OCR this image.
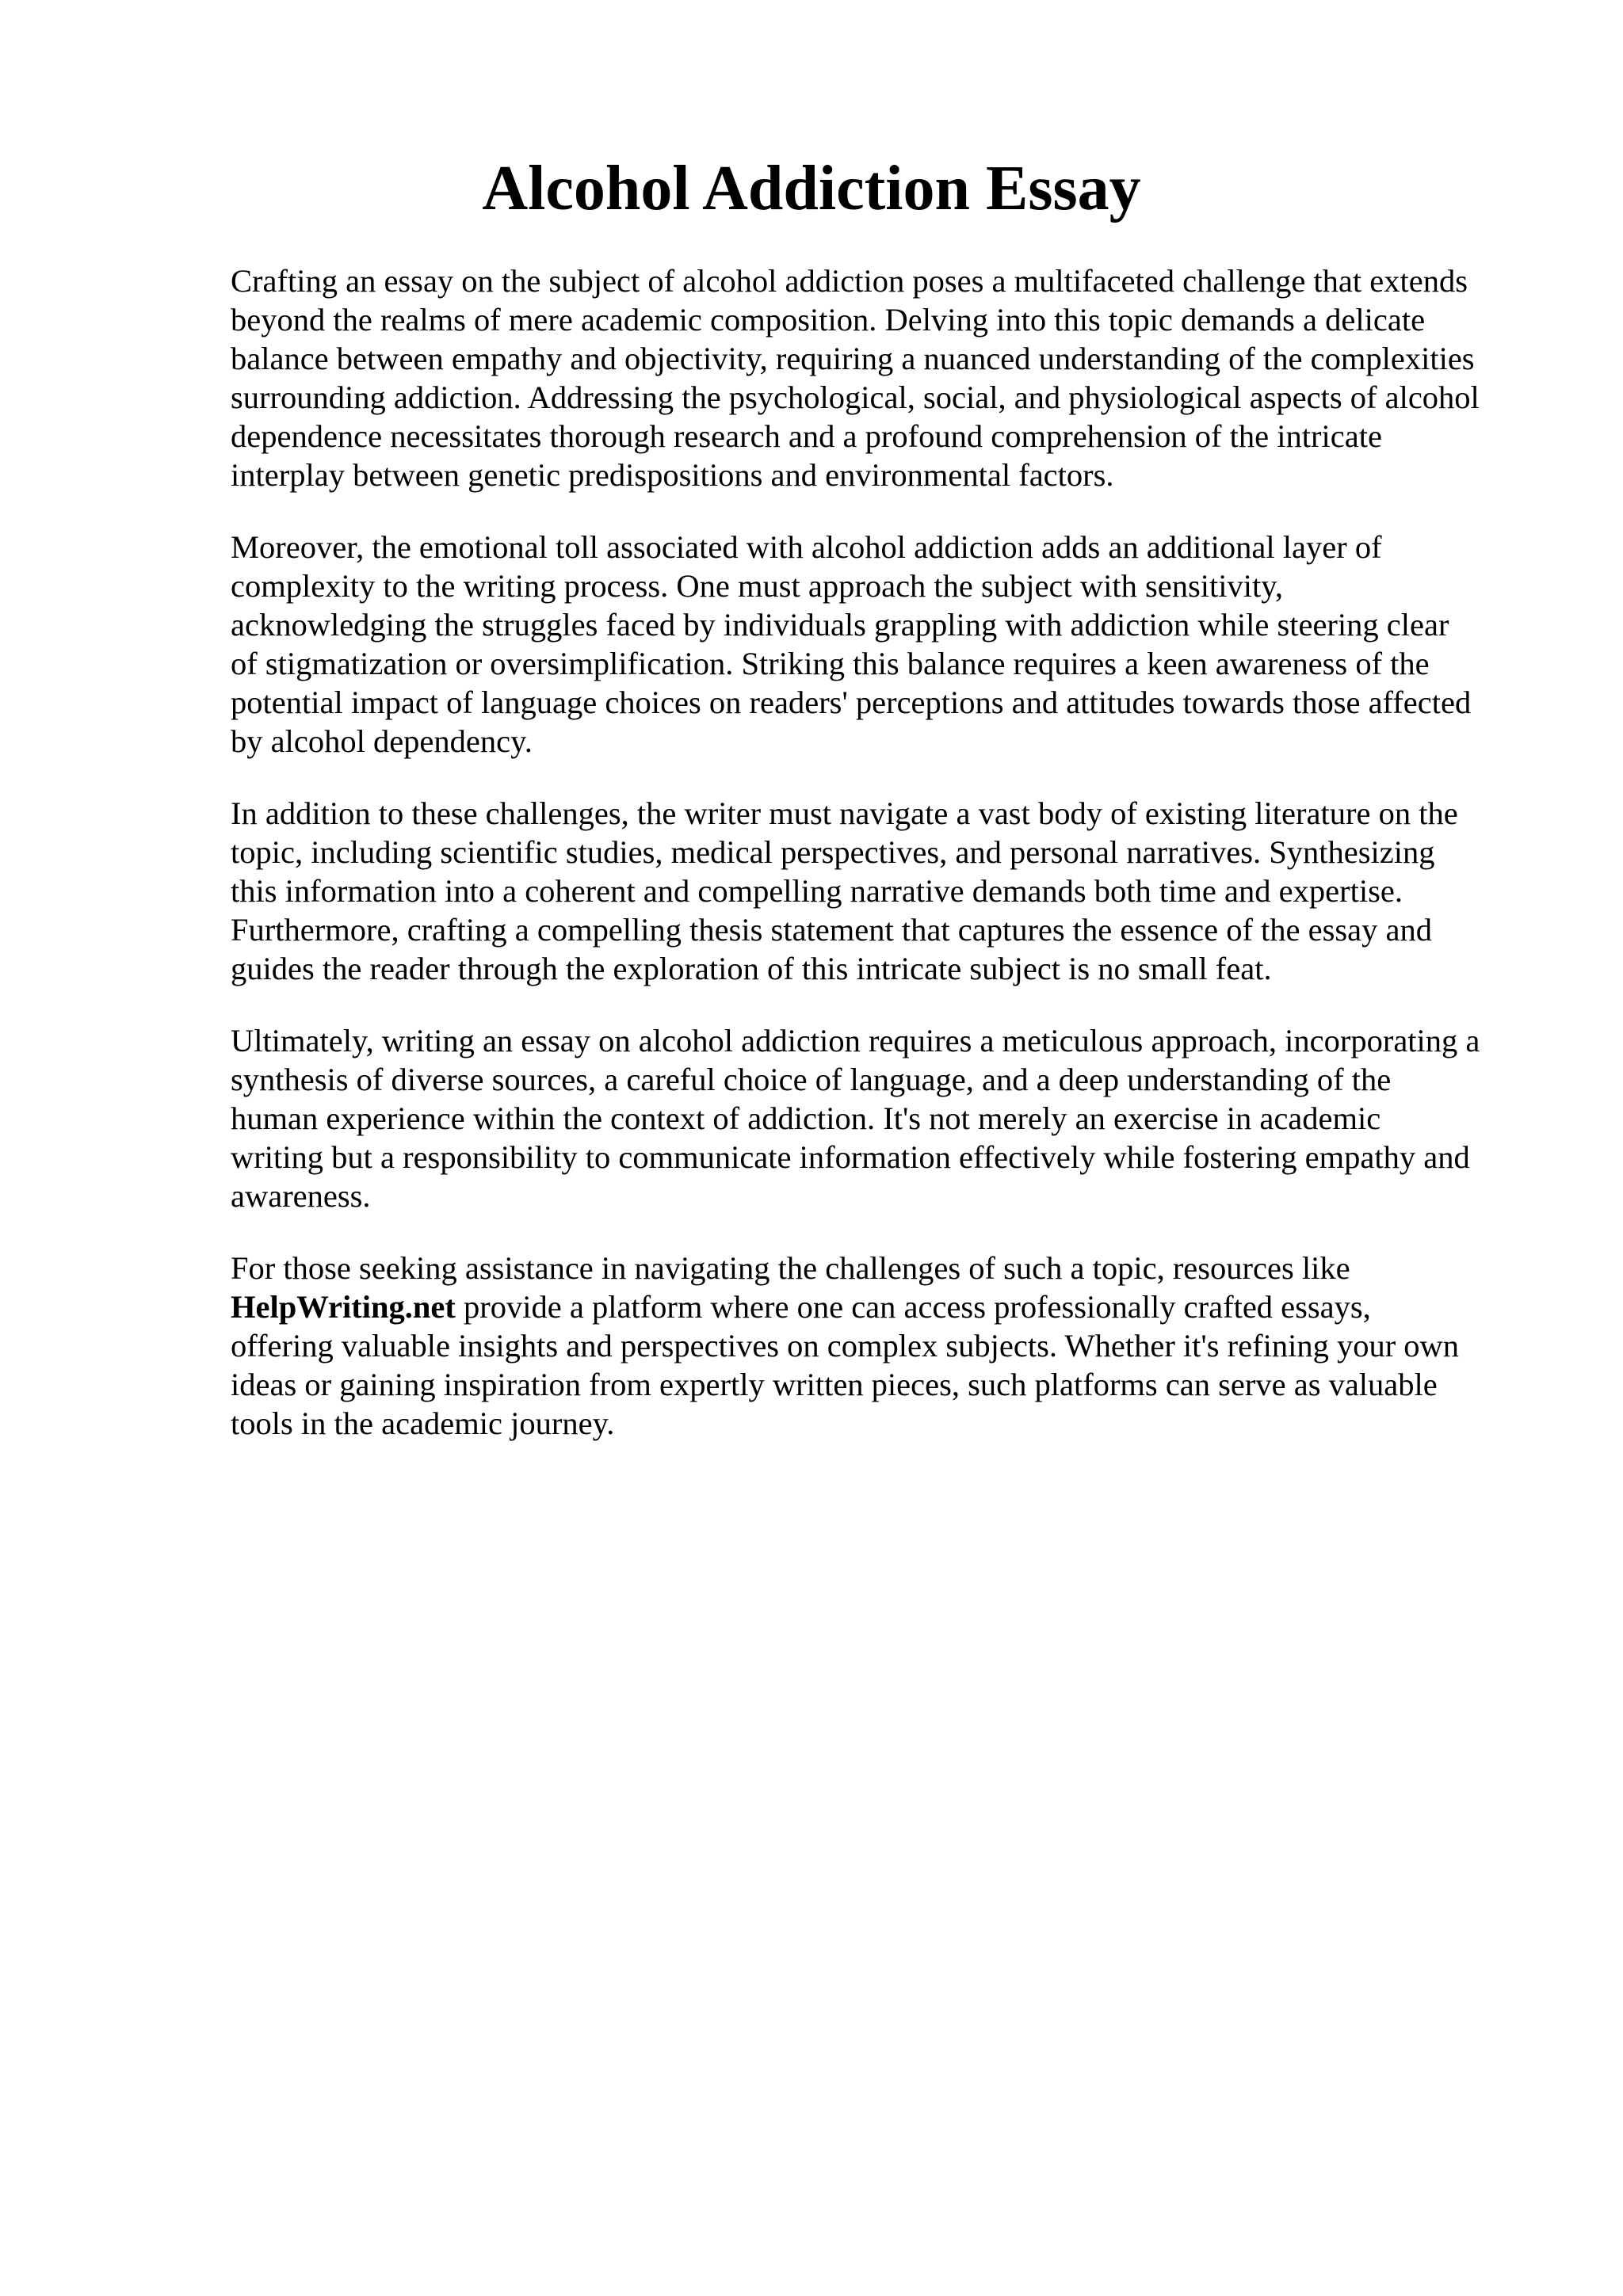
Alcohol Addiction Essay

Crafting an essay on the subject of alcohol addiction poses a multifaceted challenge that extends
beyond the realms of mere academic composition. Delving into this topic demands a delicate
balance between empathy and objectivity, requiring a nuanced understanding of the complexities
surrounding addiction. Addressing the psychological, social, and physiological aspects of alcohol
dependence necessitates thorough research and a profound comprehension of the intricate
interplay between genetic predispositions and environmental factors.

Moreover, the emotional toll associated with alcohol addiction adds an additional layer of
complexity to the writing process. One must approach the subject with sensitivity,
acknowledging the struggles faced by individuals grappling with addiction while steering clear
of stigmatization or oversimplification. Striking this balance requires a keen awareness of the
potential impact of language choices on readers' perceptions and attitudes towards those affected
by alcohol dependency.

In addition to these challenges, the writer must navigate a vast body of existing literature on the
topic, including scientific studies, medical perspectives, and personal narratives. Synthesizing
this information into a coherent and compelling narrative demands both time and expertise.
Furthermore, crafting a compelling thesis statement that captures the essence of the essay and
guides the reader through the exploration of this intricate subject is no small feat.

Ultimately, writing an essay on alcohol addiction requires a meticulous approach, incorporating a
synthesis of diverse sources, a careful choice of language, and a deep understanding of the
human experience within the context of addiction. It's not merely an exercise in academic
writing but a responsibility to communicate information effectively while fostering empathy and
awareness.

For those seeking assistance in navigating the challenges of such a topic, resources like
HelpWriting.net provide a platform where one can access professionally crafted essays,
offering valuable insights and perspectives on complex subjects. Whether it's refining your own
ideas or gaining inspiration from expertly written pieces, such platforms can serve as valuable
tools in the academic journey.
